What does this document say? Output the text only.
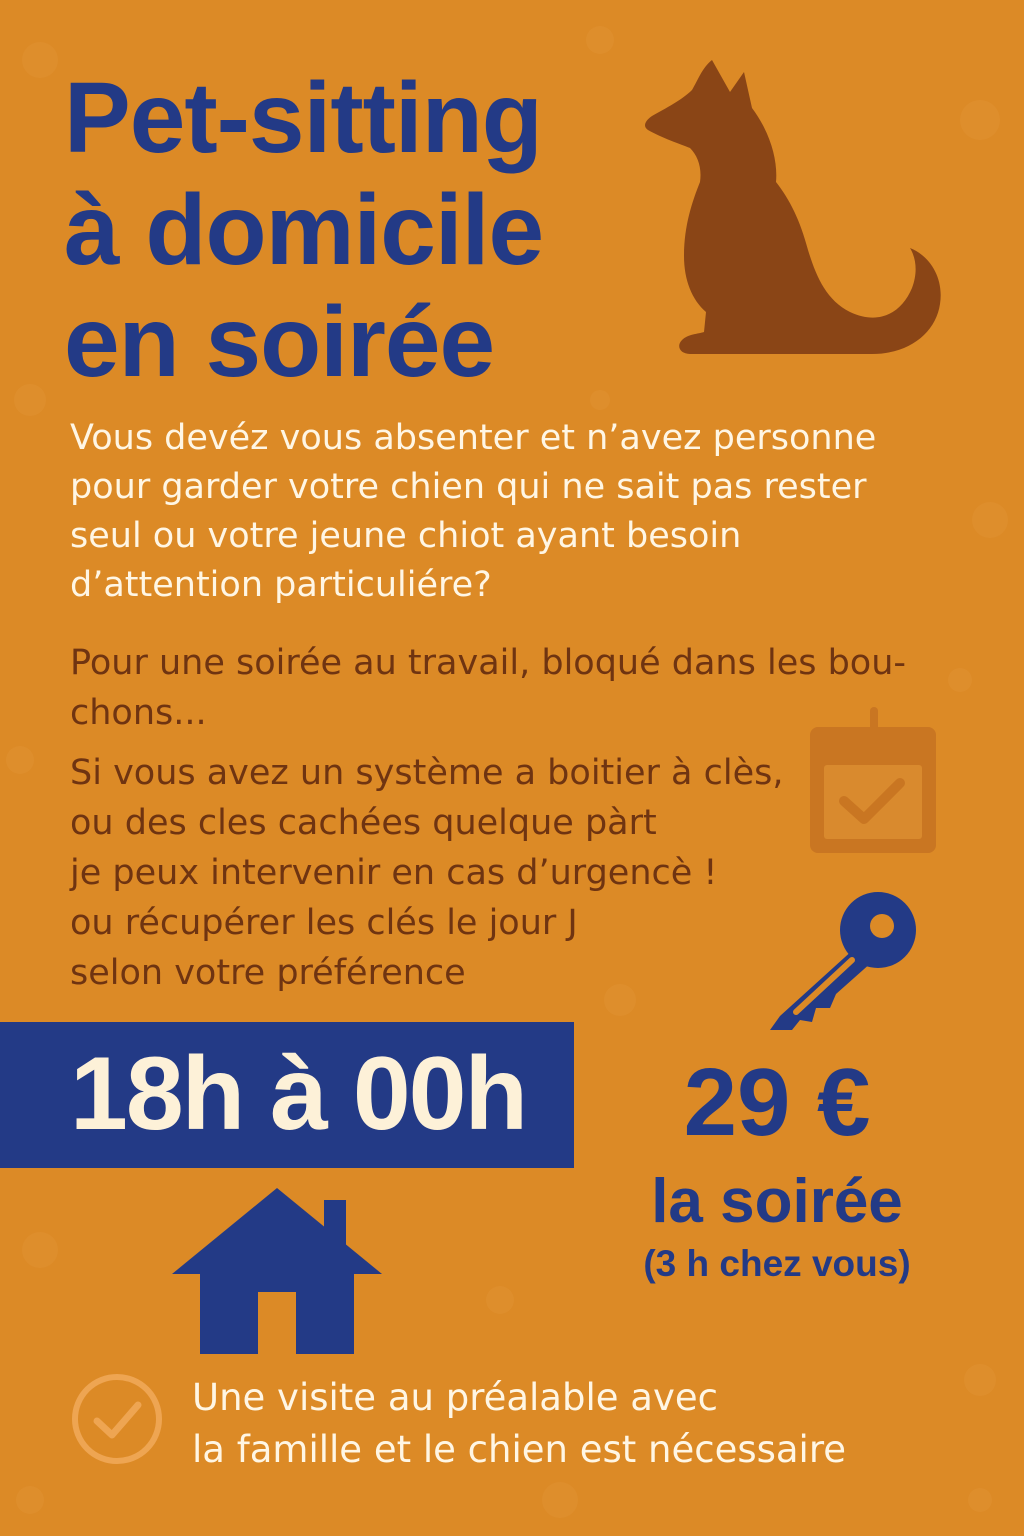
Pet-sitting
à domicile
en soirée
Vous devéz vous absenter et n’avez personne
pour garder votre chien qui ne sait pas rester
seul ou votre jeune chiot ayant besoin
d’attention particuliére?
Pour une soirée au travail, bloqué dans les bou-
chons...
Si vous avez un système a boitier à clès,
ou des cles cachées quelque pàrt
je peux intervenir en cas d’urgencè !
ou récupérer les clés le jour J
selon votre préférence
18h à 00h	29 €
la soirée
(3 h chez vous)
Une visite au préalable avec
la famille et le chien est nécessaire
